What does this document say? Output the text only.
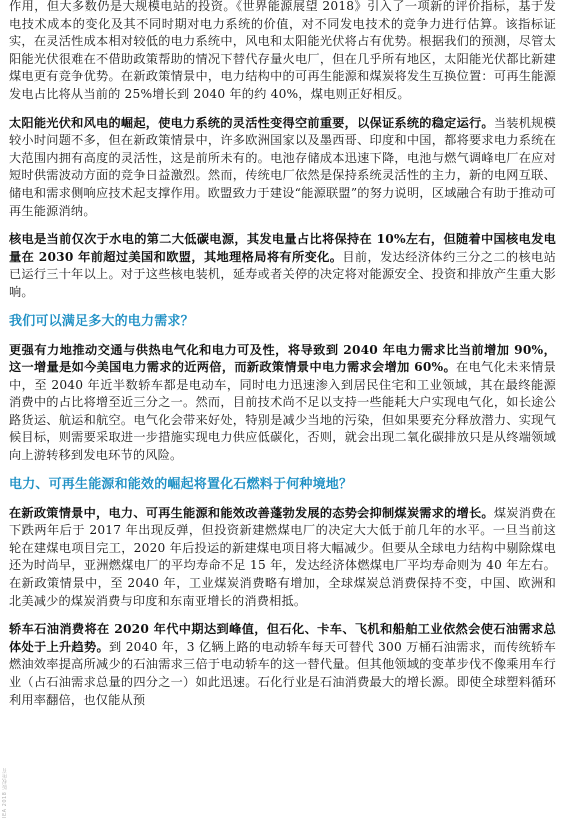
作用，但大多数仍是大规模电站的投资。《世界能源展望 2018》引入了一项新的评价指标，基于发电技术成本的变化及其不同时期对电力系统的价值，对不同发电技术的竞争力进行估算。该指标证实，在灵活性成本相对较低的电力系统中，风电和太阳能光伏将占有优势。根据我们的预测，尽管太阳能光伏很难在不借助政策帮助的情况下替代存量火电厂，但在几乎所有地区，太阳能光伏都比新建煤电更有竞争优势。在新政策情景中，电力结构中的可再生能源和煤炭将发生互换位置：可再生能源发电占比将从当前的 25%增长到 2040 年的约 40%，煤电则正好相反。

太阳能光伏和风电的崛起，使电力系统的灵活性变得空前重要，以保证系统的稳定运行。当装机规模较小时问题不多，但在新政策情景中，许多欧洲国家以及墨西哥、印度和中国，都将要求电力系统在大范围内拥有高度的灵活性，这是前所未有的。电池存储成本迅速下降，电池与燃气调峰电厂在应对短时供需波动方面的竞争日益激烈。然而，传统电厂依然是保持系统灵活性的主力，新的电网互联、储电和需求侧响应技术起支撑作用。欧盟致力于建设“能源联盟”的努力说明，区域融合有助于推动可再生能源消纳。

核电是当前仅次于水电的第二大低碳电源，其发电量占比将保持在 10%左右，但随着中国核电发电量在 2030 年前超过美国和欧盟，其地理格局将有所变化。目前，发达经济体约三分之二的核电站已运行三十年以上。对于这些核电装机，延寿或者关停的决定将对能源安全、投资和排放产生重大影响。

我们可以满足多大的电力需求？

更强有力地推动交通与供热电气化和电力可及性，将导致到 2040 年电力需求比当前增加 90%，这一增量是如今美国电力需求的近两倍，而新政策情景中电力需求会增加 60%。在电气化未来情景中，至 2040 年近半数轿车都是电动车，同时电力迅速渗入到居民住宅和工业领域，其在最终能源消费中的占比将增至近三分之一。然而，目前技术尚不足以支持一些能耗大户实现电气化，如长途公路货运、航运和航空。电气化会带来好处，特别是减少当地的污染，但如果要充分释放潜力、实现气候目标，则需要采取进一步措施实现电力供应低碳化，否则，就会出现二氧化碳排放只是从终端领域向上游转移到发电环节的风险。

电力、可再生能源和能效的崛起将置化石燃料于何种境地？

在新政策情景中，电力、可再生能源和能效改善蓬勃发展的态势会抑制煤炭需求的增长。煤炭消费在下跌两年后于 2017 年出现反弹，但投资新建燃煤电厂的决定大大低于前几年的水平。一旦当前这轮在建煤电项目完工，2020 年后投运的新建煤电项目将大幅减少。但要从全球电力结构中剔除煤电还为时尚早，亚洲燃煤电厂的平均寿命不足 15 年，发达经济体燃煤电厂平均寿命则为 40 年左右。在新政策情景中，至 2040 年，工业煤炭消费略有增加，全球煤炭总消费保持不变，中国、欧洲和北美减少的煤炭消费与印度和东南亚增长的消费相抵。

轿车石油消费将在 2020 年代中期达到峰值，但石化、卡车、飞机和船舶工业依然会使石油需求总体处于上升趋势。到 2040 年，3 亿辆上路的电动轿车每天可替代 300 万桶石油需求，而传统轿车燃油效率提高所减少的石油需求三倍于电动轿车的这一替代量。但其他领域的变革步伐不像乘用车行业（占石油需求总量的四分之一）如此迅速。石化行业是石油消费最大的增长源。即使全球塑料循环利用率翻倍，也仅能从预

IEA 2018 版权所有
